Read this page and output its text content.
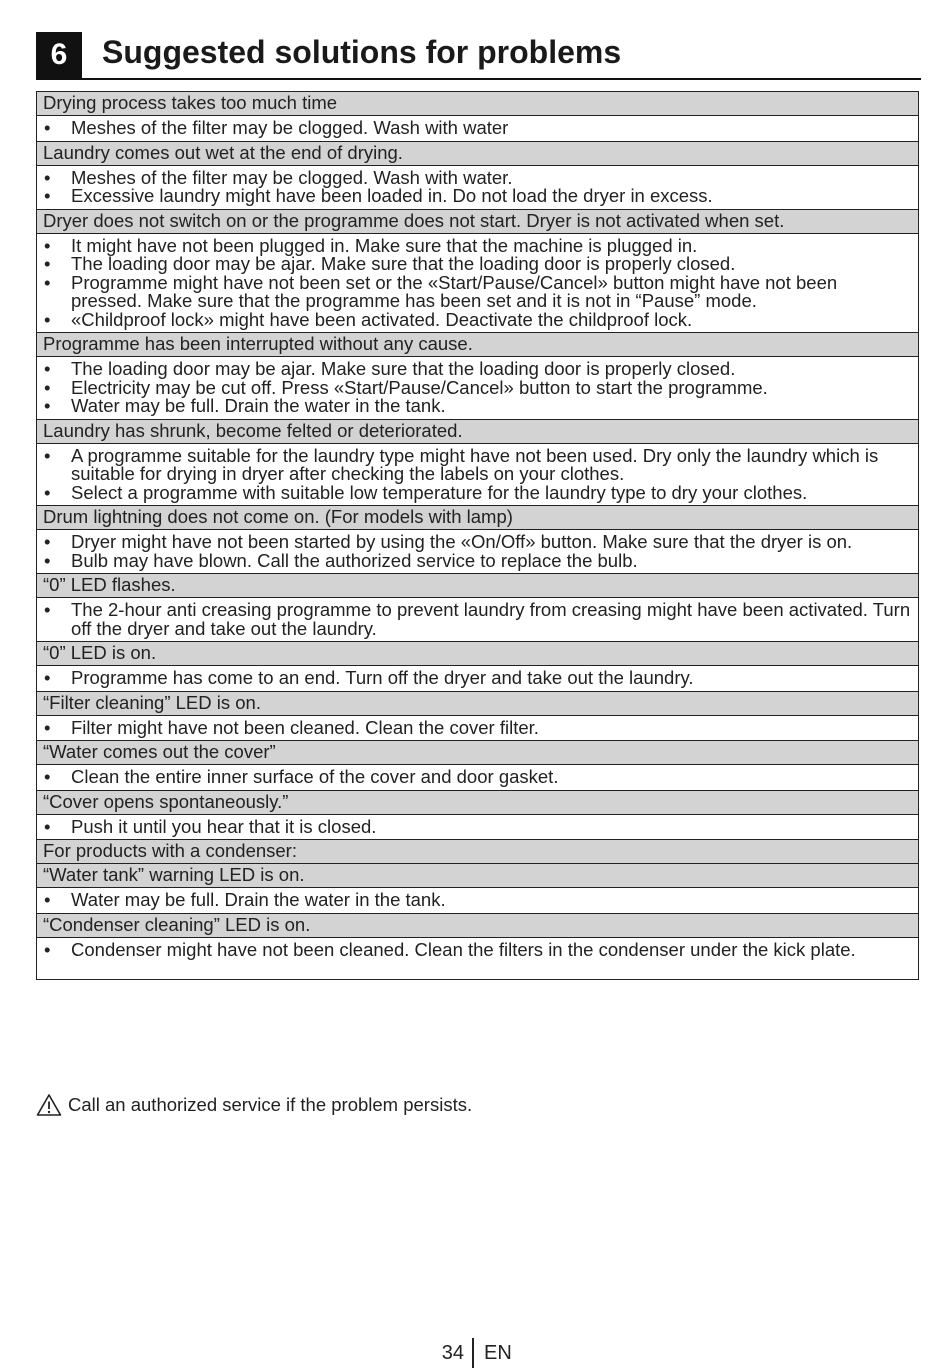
6	Suggested solutions for problems
Drying process takes too much time
•	Meshes of the filter may be clogged. Wash with water
Laundry comes out wet at the end of drying.
•	Meshes of the filter may be clogged. Wash with water.
•	Excessive laundry might have been loaded in. Do not load the dryer in excess.
Dryer does not switch on or the programme does not start. Dryer is not activated when set.
•	It might have not been plugged in. Make sure that the machine is plugged in.
•	The loading door may be ajar. Make sure that the loading door is properly closed.
•	Programme might have not been set or the «Start/Pause/Cancel» button might have not been pressed. Make sure that the programme has been set and it is not in “Pause” mode.
•	«Childproof lock» might have been activated. Deactivate the childproof lock.
Programme has been interrupted without any cause.
•	The loading door may be ajar. Make sure that the loading door is properly closed.
•	Electricity may be cut off. Press «Start/Pause/Cancel» button to start the programme.
•	Water may be full. Drain the water in the tank.
Laundry has shrunk, become felted or deteriorated.
•	A programme suitable for the laundry type might have not been used. Dry only the laundry which is suitable for drying in dryer after checking the labels on your clothes.
•	Select a programme with suitable low temperature for the laundry type to dry your clothes.
Drum lightning does not come on. (For models with lamp)
•	Dryer might have not been started by using the «On/Off» button. Make sure that the dryer is on.
•	Bulb may have blown. Call the authorized service to replace the bulb.
“0” LED flashes.
•	The 2-hour anti creasing programme to prevent laundry from creasing might have been activated. Turn off the dryer and take out the laundry.
“0” LED is on.
•	Programme has come to an end. Turn off the dryer and take out the laundry.
“Filter cleaning” LED is on.
•	Filter might have not been cleaned. Clean the cover filter.
“Water comes out the cover”
•	Clean the entire inner surface of the cover and door gasket.
“Cover opens spontaneously.”
•	Push it until you hear that it is closed.
For products with a condenser:
“Water tank” warning LED is on.
•	Water may be full. Drain the water in the tank.
“Condenser cleaning” LED is on.
•	Condenser might have not been cleaned. Clean the filters in the condenser under the kick plate.
Call an authorized service if the problem persists.
34 EN
